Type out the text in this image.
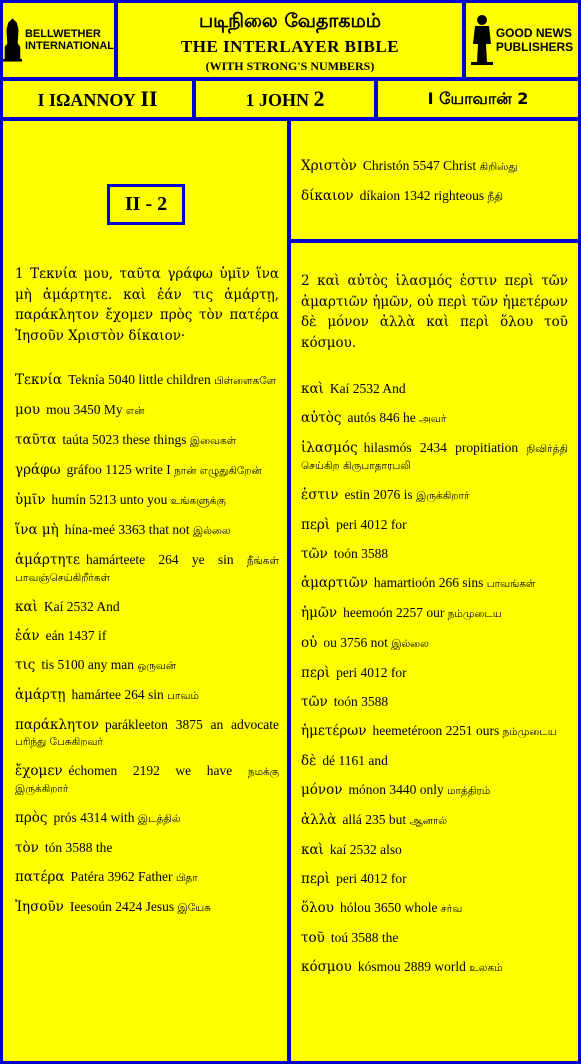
BELLWETHER
INTERNATIONAL
படிநிலை வேதாகமம்
THE INTERLAYER BIBLE
(WITH STRONG'S NUMBERS)
GOOD NEWS
PUBLISHERS
I ΙΩΑΝΝΟΥ II	1 JOHN 2	I யோவான் 2
II - 2
1 Τεκνία μου, ταῦτα γράφω ὑμῖν ἵνα μὴ ἁμάρτητε. καὶ ἐάν τις ἁμάρτῃ, παράκλητον ἔχομεν πρὸς τὸν πατέρα Ἰησοῦν Χριστὸν δίκαιον·
Τεκνία Teknía 5040 little children பிள்ளைகளே
μου mou 3450 My என்
ταῦτα taúta 5023 these things இவைகள்
γράφω gráfoo 1125 write I நான் எழுதுகிறேன்
ὑμῖν humín 5213 unto you உங்களுக்கு
ἵνα μὴ hína-meé 3363 that not இல்லை
ἁμάρτητε hamárteete 264 ye sin நீங்கள் பாவஞ்செய்கிறீர்கள்
καὶ Kaí 2532 And
ἐάν eán 1437 if
τις tis 5100 any man ஒருவன்
ἁμάρτῃ hamártee 264 sin பாவம்
παράκλητον parákleeton 3875 an advocate பரிந்து பேசுகிறவர்
ἔχομεν échomen 2192 we have நமக்கு இருக்கிறார்
πρὸς prós 4314 with இடத்தில்
τὸν tón 3588 the
πατέρα Patéra 3962 Father பிதா
Ἰησοῦν Ieesoún 2424 Jesus இயேசு
Χριστὸν Christón 5547 Christ கிறிஸ்து
δίκαιον díkaion 1342 righteous நீதி
2 καὶ αὐτὸς ἱλασμός ἐστιν περὶ τῶν ἁμαρτιῶν ἡμῶν, οὐ περὶ τῶν ἡμετέρων δὲ μόνον ἀλλὰ καὶ περὶ ὅλου τοῦ κόσμου.
καὶ Kaí 2532 And
αὐτὸς autós 846 he அவர்
ἱλασμός hilasmós 2434 propitiation நிவிர்த்தி செய்கிற கிருபாதாரபலி
ἐστιν estin 2076 is இருக்கிறார்
περὶ peri 4012 for
τῶν toón 3588
ἁμαρτιῶν hamartioón 266 sins பாவங்கள்
ἡμῶν heemoón 2257 our நம்முடைய
οὐ ou 3756 not இல்லை
περὶ peri 4012 for
τῶν toón 3588
ἡμετέρων heemetéroon 2251 ours நம்முடைய
δὲ dé 1161 and
μόνον mónon 3440 only மாத்திரம்
ἀλλὰ allá 235 but ஆனால்
καὶ kaí 2532 also
περὶ peri 4012 for
ὅλου hólou 3650 whole சர்வ
τοῦ toú 3588 the
κόσμου kósmou 2889 world உலகம்
